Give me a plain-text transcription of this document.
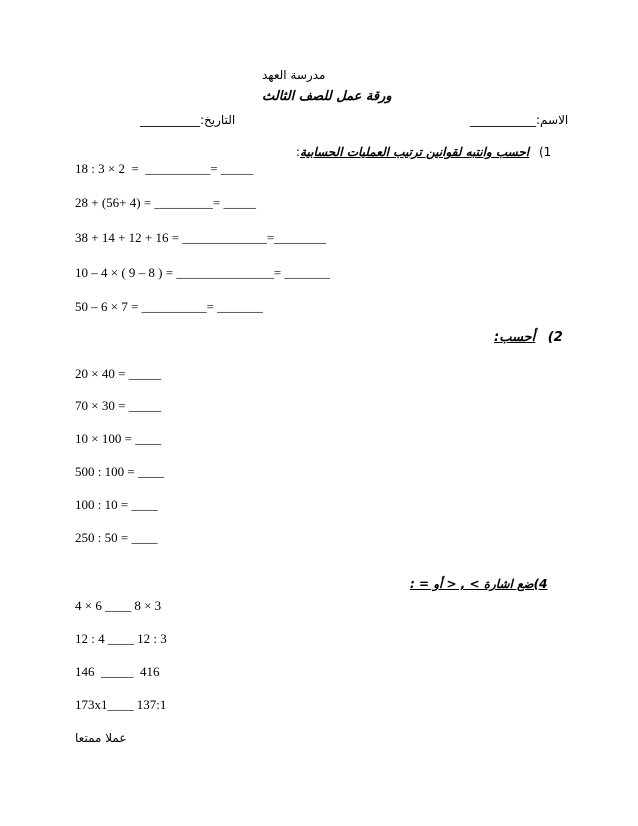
مدرسة العهد
ورقة عمل للصف الثالث
الاسم:___________
التاريخ:__________
1) احسب وانتبه لقوانين ترتيب العمليات الحسابية:
18 : 3 × 2  =  __________= _____
28 + (56+ 4) = _________= _____
38 + 14 + 12 + 16 = _____________=________
10 – 4 × ( 9 – 8 ) = _______________= _______
50 – 6 × 7 = __________= _______
2) أحسب:
20 × 40 = _____
70 × 30 = _____
10 × 100 = ____
500 : 100 = ____
100 : 10 = ____
250 : 50 = ____
4)ضع اشارة > , < أو = :
4 × 6 ____ 8 × 3
12 : 4 ____ 12 : 3
146  _____  416
173x1____ 137:1
عملا ممتعا
